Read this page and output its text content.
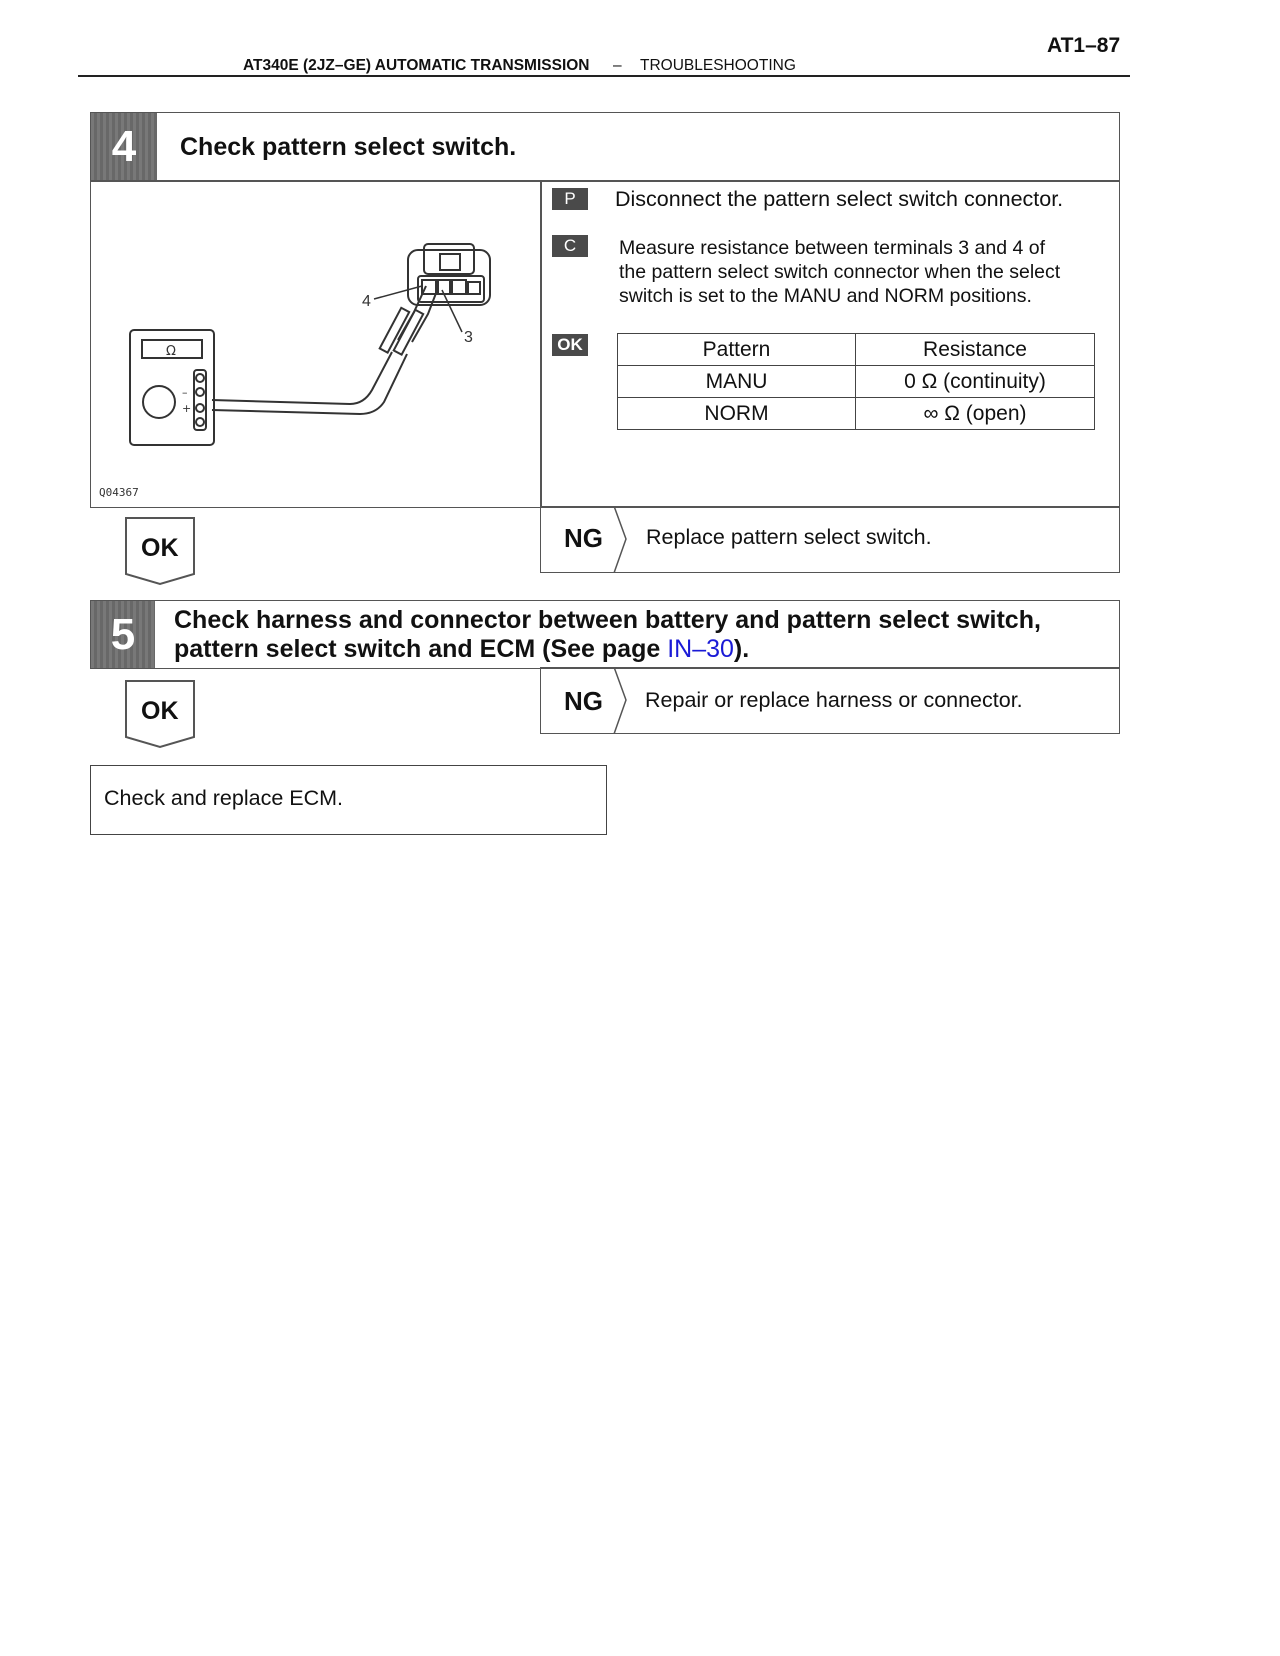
AT340E (2JZ–GE) AUTOMATIC TRANSMISSION – TROUBLESHOOTING
AT1–87
4 Check pattern select switch.
4
3
Ω
–
+
Q04367
P	Disconnect the pattern select switch connector.
C	Measure resistance between terminals 3 and 4 of
the pattern select switch connector when the select
switch is set to the MANU and NORM positions.
OK	Pattern	Resistance
MANU	0 Ω (continuity)
NORM	∞ Ω (open)
OK	NG Replace pattern select switch.
5 Check harness and connector between battery and pattern select switch,
pattern select switch and ECM (See page IN–30).
OK	NG Repair or replace harness or connector.
Check and replace ECM.
